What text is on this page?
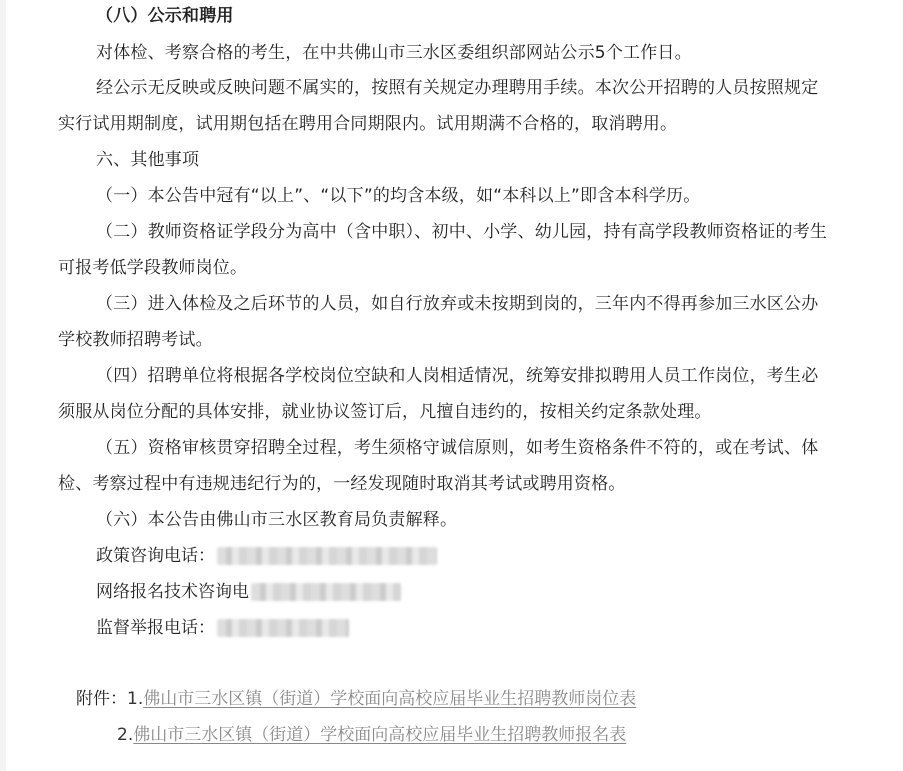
（八）公示和聘用
对体检、考察合格的考生，在中共佛山市三水区委组织部网站公示5个工作日。
经公示无反映或反映问题不属实的，按照有关规定办理聘用手续。本次公开招聘的人员按照规定
实行试用期制度，试用期包括在聘用合同期限内。试用期满不合格的，取消聘用。
六、其他事项
（一）本公告中冠有“以上”、“以下”的均含本级，如“本科以上”即含本科学历。
（二）教师资格证学段分为高中（含中职）、初中、小学、幼儿园，持有高学段教师资格证的考生
可报考低学段教师岗位。
（三）进入体检及之后环节的人员，如自行放弃或未按期到岗的，三年内不得再参加三水区公办
学校教师招聘考试。
（四）招聘单位将根据各学校岗位空缺和人岗相适情况，统筹安排拟聘用人员工作岗位，考生必
须服从岗位分配的具体安排，就业协议签订后，凡擅自违约的，按相关约定条款处理。
（五）资格审核贯穿招聘全过程，考生须格守诚信原则，如考生资格条件不符的，或在考试、体
检、考察过程中有违规违纪行为的，一经发现随时取消其考试或聘用资格。
（六）本公告由佛山市三水区教育局负责解释。
政策咨询电话：
网络报名技术咨询电
监督举报电话：
附件：1.佛山市三水区镇（街道）学校面向高校应届毕业生招聘教师岗位表
2.佛山市三水区镇（街道）学校面向高校应届毕业生招聘教师报名表
